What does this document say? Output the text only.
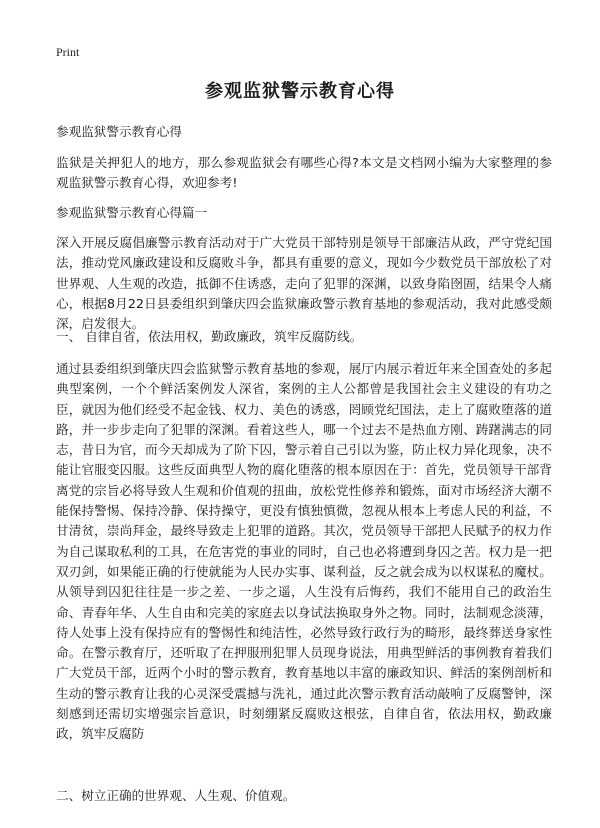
Print
参观监狱警示教育心得

参观监狱警示教育心得

监狱是关押犯人的地方，那么参观监狱会有哪些心得?本文是文档网小编为大家整理的参观监狱警示教育心得，欢迎参考!

参观监狱警示教育心得篇一

深入开展反腐倡廉警示教育活动对于广大党员干部特别是领导干部廉洁从政，严守党纪国法，推动党风廉政建设和反腐败斗争，都具有重要的意义，现如今少数党员干部放松了对世界观、人生观的改造，抵御不住诱惑，走向了犯罪的深渊，以致身陷囹圄，结果令人痛心，根据8月22日县委组织到肇庆四会监狱廉政警示教育基地的参观活动，我对此感受颇深，启发很大。

一、 自律自省，依法用权，勤政廉政，筑牢反腐防线。

通过县委组织到肇庆四会监狱警示教育基地的参观，展厅内展示着近年来全国查处的多起典型案例，一个个鲜活案例发人深省，案例的主人公都曾是我国社会主义建设的有功之臣，就因为他们经受不起金钱、权力、美色的诱惑，罔顾党纪国法，走上了腐败堕落的道路，并一步步走向了犯罪的深渊。看着这些人，哪一个过去不是热血方刚、踌躇满志的同志，昔日为官，而今天却成为了阶下囚，警示着自己引以为鉴，防止权力异化现象，决不能让官服变囚服。这些反面典型人物的腐化堕落的根本原因在于：首先，党员领导干部背离党的宗旨必将导致人生观和价值观的扭曲，放松党性修养和锻炼，面对市场经济大潮不能保持警惕、保持冷静、保持操守，更没有慎独慎微，忽视从根本上考虑人民的利益，不甘清贫，崇尚拜金，最终导致走上犯罪的道路。其次，党员领导干部把人民赋予的权力作为自己谋取私利的工具，在危害党的事业的同时，自己也必将遭到身囚之苦。权力是一把双刃剑，如果能正确的行使就能为人民办实事、谋利益，反之就会成为以权谋私的魔杖。从领导到囚犯往往是一步之差、一步之遥，人生没有后悔药，我们不能用自己的政治生命、青春年华、人生自由和完美的家庭去以身试法换取身外之物。同时，法制观念淡薄，待人处事上没有保持应有的警惕性和纯洁性，必然导致行政行为的畸形，最终葬送身家性命。在警示教育厅，还听取了在押服刑犯罪人员现身说法，用典型鲜活的事例教育着我们广大党员干部，近两个小时的警示教育，教育基地以丰富的廉政知识、鲜活的案例剖析和生动的警示教育让我的心灵深受震撼与洗礼，通过此次警示教育活动敲响了反腐警钟，深刻感到还需切实增强宗旨意识，时刻绷紧反腐败这根弦，自律自省，依法用权，勤政廉政，筑牢反腐防

二、树立正确的世界观、人生观、价值观。
